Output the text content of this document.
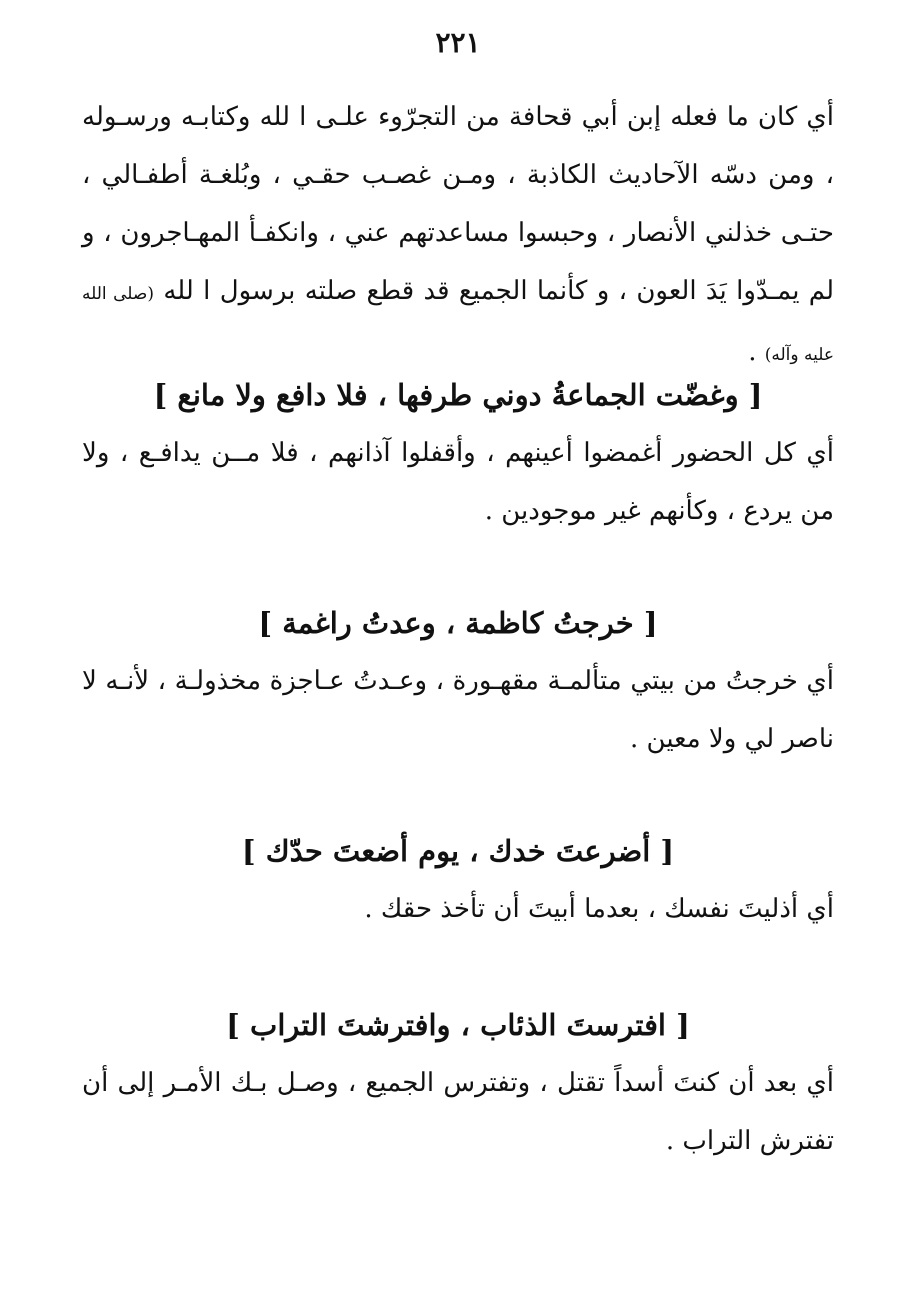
٢٢١
أي كان ما فعله إبن أبي قحافة من التجرّوء علـى ا لله وكتابـه ورسـوله ، ومن دسّه الآحاديث الكاذبة ، ومـن غصـب حقـي ، وبُلغـة أطفـالي ، حتـى خذلني الأنصار ، وحبسوا مساعدتهم عني ، وانكفـأ المهـاجرون ، و لم يمـدّوا يَدَ العون ، و كأنما الجميع قد قطع صلته برسول ا لله (صلى الله عليه وآله) .
[ وغضّت الجماعةُ دوني طرفها ، فلا دافع ولا مانع ]
أي كل الحضور أغمضوا أعينهم ، وأقفلوا آذانهم ، فلا مــن يدافـع ، ولا من يردع ، وكأنهم غير موجودين .
[ خرجتُ كاظمة ، وعدتُ راغمة ]
أي خرجتُ من بيتي متألمـة مقهـورة ، وعـدتُ عـاجزة مخذولـة ، لأنـه لا ناصر لي ولا معين .
[ أضرعتَ خدك ، يوم أضعتَ حدّك ]
أي أذليتَ نفسك ، بعدما أبيتَ أن تأخذ حقك .
[ افترستَ الذئاب ، وافترشتَ التراب ]
أي بعد أن كنتَ أسداً تقتل ، وتفترس الجميع ، وصـل بـك الأمـر إلى أن تفترش التراب .
